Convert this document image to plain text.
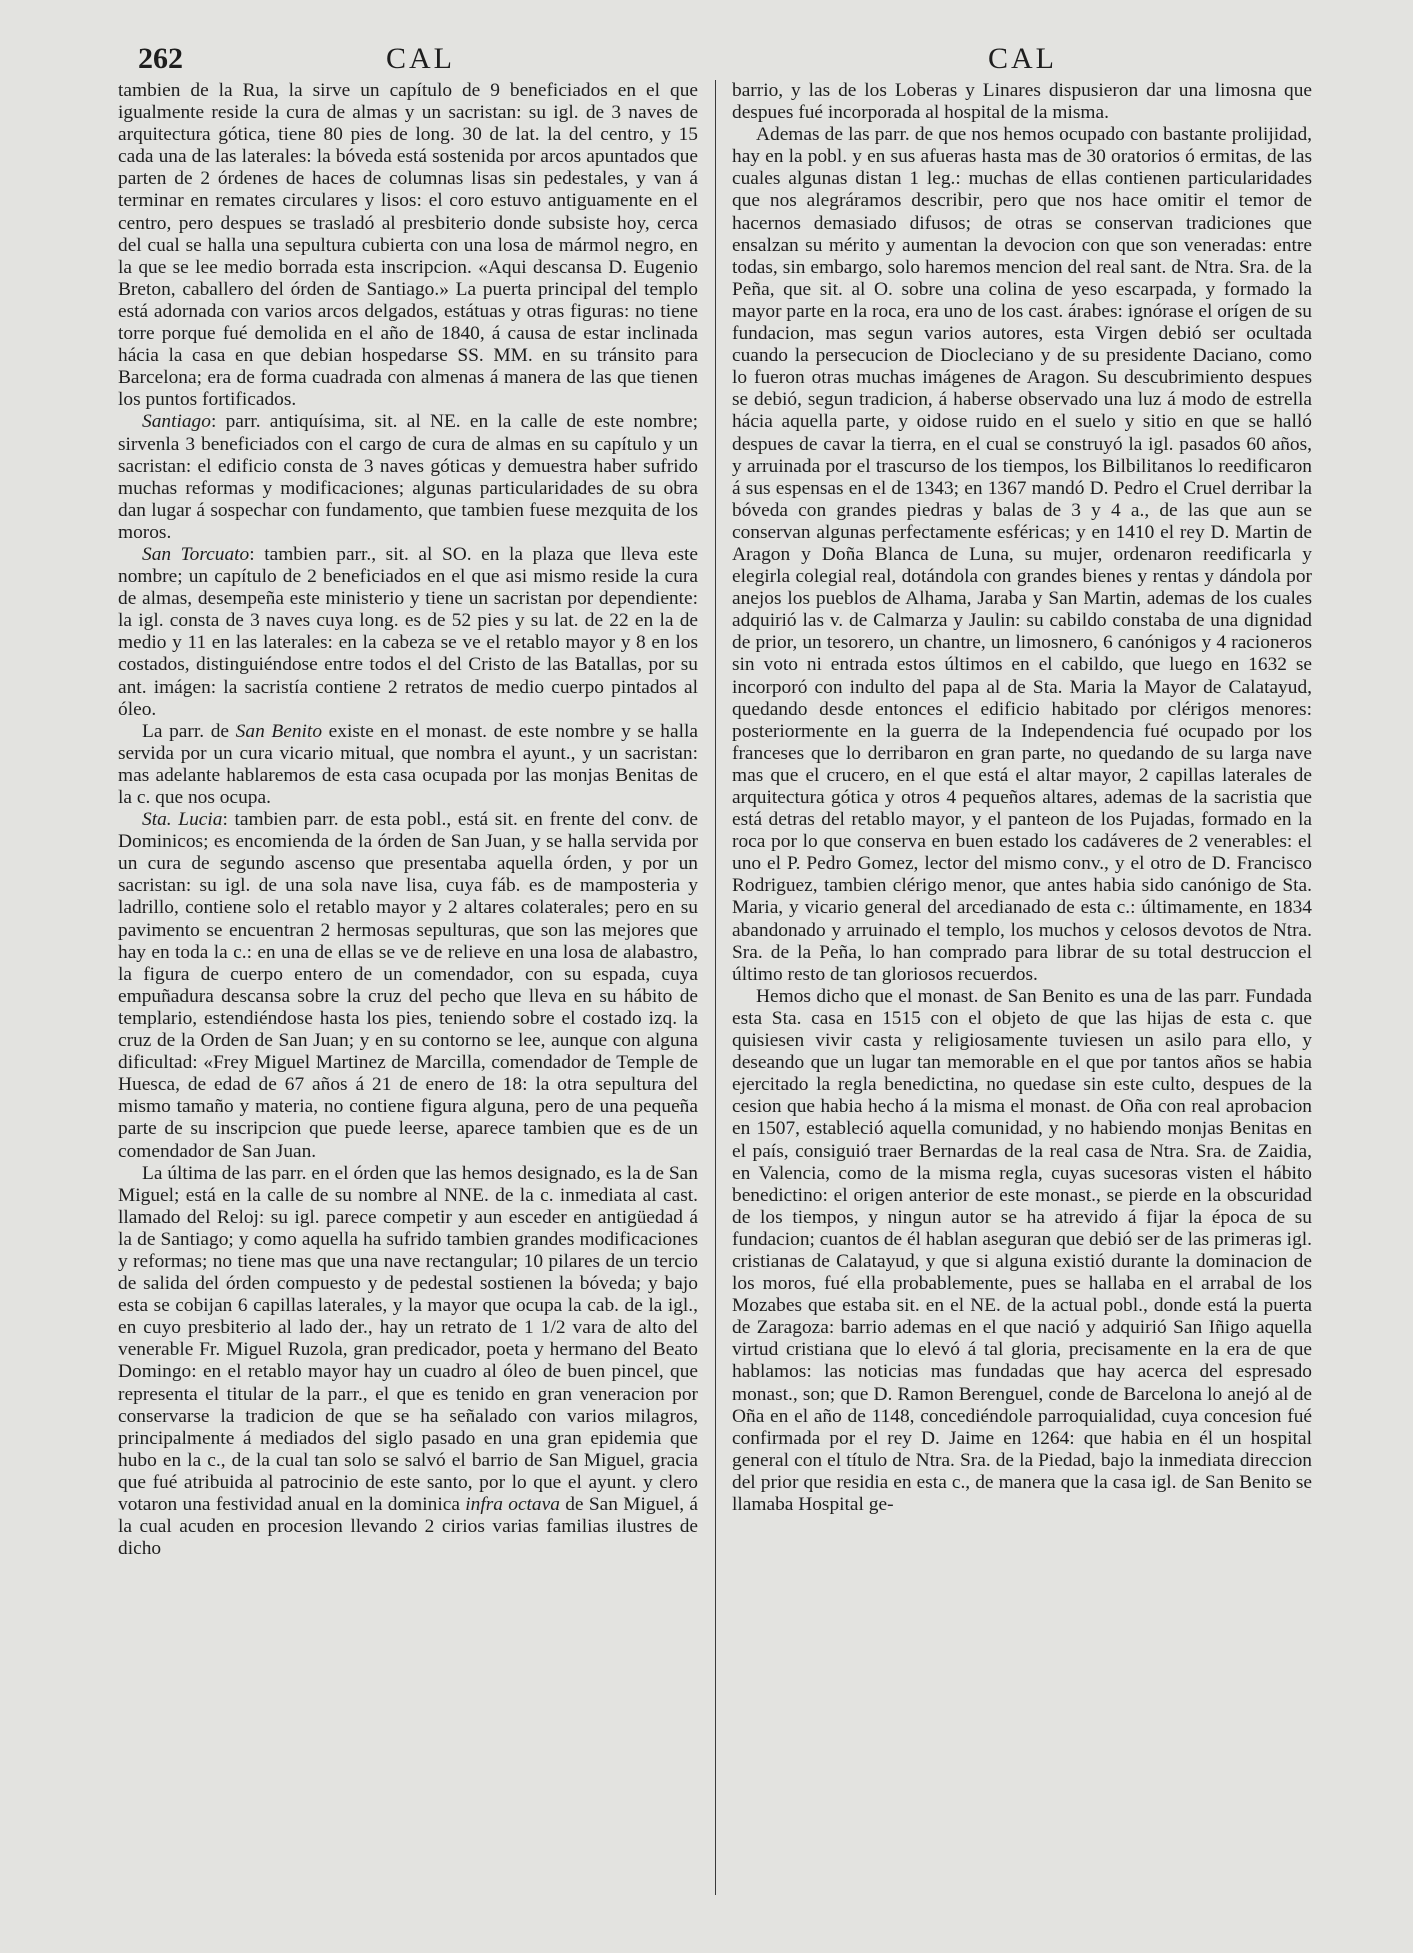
262	CAL	CAL

tambien de la Rua, la sirve un capítulo de 9 beneficiados en el que igualmente reside la cura de almas y un sacristan: su igl. de 3 naves de arquitectura gótica, tiene 80 pies de long. 30 de lat. la del centro, y 15 cada una de las laterales: la bóveda está sostenida por arcos apuntados que parten de 2 órdenes de haces de columnas lisas sin pedestales, y van á terminar en remates circulares y lisos: el coro estuvo antiguamente en el centro, pero despues se trasladó al presbiterio donde subsiste hoy, cerca del cual se halla una sepultura cubierta con una losa de mármol negro, en la que se lee medio borrada esta inscripcion. «Aqui descansa D. Eugenio Breton, caballero del órden de Santiago.» La puerta principal del templo está adornada con varios arcos delgados, estátuas y otras figuras: no tiene torre porque fué demolida en el año de 1840, á causa de estar inclinada hácia la casa en que debian hospedarse SS. MM. en su tránsito para Barcelona; era de forma cuadrada con almenas á manera de las que tienen los puntos fortificados.

Santiago: parr. antiquísima, sit. al NE. en la calle de este nombre; sirvenla 3 beneficiados con el cargo de cura de almas en su capítulo y un sacristan: el edificio consta de 3 naves góticas y demuestra haber sufrido muchas reformas y modificaciones; algunas particularidades de su obra dan lugar á sospechar con fundamento, que tambien fuese mezquita de los moros.

San Torcuato: tambien parr., sit. al SO. en la plaza que lleva este nombre; un capítulo de 2 beneficiados en el que asi mismo reside la cura de almas, desempeña este ministerio y tiene un sacristan por dependiente: la igl. consta de 3 naves cuya long. es de 52 pies y su lat. de 22 en la de medio y 11 en las laterales: en la cabeza se ve el retablo mayor y 8 en los costados, distinguiéndose entre todos el del Cristo de las Batallas, por su ant. imágen: la sacristía contiene 2 retratos de medio cuerpo pintados al óleo.

La parr. de San Benito existe en el monast. de este nombre y se halla servida por un cura vicario mitual, que nombra el ayunt., y un sacristan: mas adelante hablaremos de esta casa ocupada por las monjas Benitas de la c. que nos ocupa.

Sta. Lucia: tambien parr. de esta pobl., está sit. en frente del conv. de Dominicos; es encomienda de la órden de San Juan, y se halla servida por un cura de segundo ascenso que presentaba aquella órden, y por un sacristan: su igl. de una sola nave lisa, cuya fáb. es de mamposteria y ladrillo, contiene solo el retablo mayor y 2 altares colaterales; pero en su pavimento se encuentran 2 hermosas sepulturas, que son las mejores que hay en toda la c.: en una de ellas se ve de relieve en una losa de alabastro, la figura de cuerpo entero de un comendador, con su espada, cuya empuñadura descansa sobre la cruz del pecho que lleva en su hábito de templario, estendiéndose hasta los pies, teniendo sobre el costado izq. la cruz de la Orden de San Juan; y en su contorno se lee, aunque con alguna dificultad: «Frey Miguel Martinez de Marcilla, comendador de Temple de Huesca, de edad de 67 años á 21 de enero de 18: la otra sepultura del mismo tamaño y materia, no contiene figura alguna, pero de una pequeña parte de su inscripcion que puede leerse, aparece tambien que es de un comendador de San Juan.

La última de las parr. en el órden que las hemos designado, es la de San Miguel; está en la calle de su nombre al NNE. de la c. inmediata al cast. llamado del Reloj: su igl. parece competir y aun esceder en antigüedad á la de Santiago; y como aquella ha sufrido tambien grandes modificaciones y reformas; no tiene mas que una nave rectangular; 10 pilares de un tercio de salida del órden compuesto y de pedestal sostienen la bóveda; y bajo esta se cobijan 6 capillas laterales, y la mayor que ocupa la cab. de la igl., en cuyo presbiterio al lado der., hay un retrato de 1 1/2 vara de alto del venerable Fr. Miguel Ruzola, gran predicador, poeta y hermano del Beato Domingo: en el retablo mayor hay un cuadro al óleo de buen pincel, que representa el titular de la parr., el que es tenido en gran veneracion por conservarse la tradicion de que se ha señalado con varios milagros, principalmente á mediados del siglo pasado en una gran epidemia que hubo en la c., de la cual tan solo se salvó el barrio de San Miguel, gracia que fué atribuida al patrocinio de este santo, por lo que el ayunt. y clero votaron una festividad anual en la dominica infra octava de San Miguel, á la cual acuden en procesion llevando 2 cirios varias familias ilustres de dicho

barrio, y las de los Loberas y Linares dispusieron dar una limosna que despues fué incorporada al hospital de la misma.

Ademas de las parr. de que nos hemos ocupado con bastante prolijidad, hay en la pobl. y en sus afueras hasta mas de 30 oratorios ó ermitas, de las cuales algunas distan 1 leg.: muchas de ellas contienen particularidades que nos alegráramos describir, pero que nos hace omitir el temor de hacernos demasiado difusos; de otras se conservan tradiciones que ensalzan su mérito y aumentan la devocion con que son veneradas: entre todas, sin embargo, solo haremos mencion del real sant. de Ntra. Sra. de la Peña, que sit. al O. sobre una colina de yeso escarpada, y formado la mayor parte en la roca, era uno de los cast. árabes: ignórase el orígen de su fundacion, mas segun varios autores, esta Virgen debió ser ocultada cuando la persecucion de Diocleciano y de su presidente Daciano, como lo fueron otras muchas imágenes de Aragon. Su descubrimiento despues se debió, segun tradicion, á haberse observado una luz á modo de estrella hácia aquella parte, y oidose ruido en el suelo y sitio en que se halló despues de cavar la tierra, en el cual se construyó la igl. pasados 60 años, y arruinada por el trascurso de los tiempos, los Bilbilitanos lo reedificaron á sus espensas en el de 1343; en 1367 mandó D. Pedro el Cruel derribar la bóveda con grandes piedras y balas de 3 y 4 a., de las que aun se conservan algunas perfectamente esféricas; y en 1410 el rey D. Martin de Aragon y Doña Blanca de Luna, su mujer, ordenaron reedificarla y elegirla colegial real, dotándola con grandes bienes y rentas y dándola por anejos los pueblos de Alhama, Jaraba y San Martin, ademas de los cuales adquirió las v. de Calmarza y Jaulin: su cabildo constaba de una dignidad de prior, un tesorero, un chantre, un limosnero, 6 canónigos y 4 racioneros sin voto ni entrada estos últimos en el cabildo, que luego en 1632 se incorporó con indulto del papa al de Sta. Maria la Mayor de Calatayud, quedando desde entonces el edificio habitado por clérigos menores: posteriormente en la guerra de la Independencia fué ocupado por los franceses que lo derribaron en gran parte, no quedando de su larga nave mas que el crucero, en el que está el altar mayor, 2 capillas laterales de arquitectura gótica y otros 4 pequeños altares, ademas de la sacristia que está detras del retablo mayor, y el panteon de los Pujadas, formado en la roca por lo que conserva en buen estado los cadáveres de 2 venerables: el uno el P. Pedro Gomez, lector del mismo conv., y el otro de D. Francisco Rodriguez, tambien clérigo menor, que antes habia sido canónigo de Sta. Maria, y vicario general del arcedianado de esta c.: últimamente, en 1834 abandonado y arruinado el templo, los muchos y celosos devotos de Ntra. Sra. de la Peña, lo han comprado para librar de su total destruccion el último resto de tan gloriosos recuerdos.

Hemos dicho que el monast. de San Benito es una de las parr. Fundada esta Sta. casa en 1515 con el objeto de que las hijas de esta c. que quisiesen vivir casta y religiosamente tuviesen un asilo para ello, y deseando que un lugar tan memorable en el que por tantos años se habia ejercitado la regla benedictina, no quedase sin este culto, despues de la cesion que habia hecho á la misma el monast. de Oña con real aprobacion en 1507, estableció aquella comunidad, y no habiendo monjas Benitas en el país, consiguió traer Bernardas de la real casa de Ntra. Sra. de Zaidia, en Valencia, como de la misma regla, cuyas sucesoras visten el hábito benedictino: el origen anterior de este monast., se pierde en la obscuridad de los tiempos, y ningun autor se ha atrevido á fijar la época de su fundacion; cuantos de él hablan aseguran que debió ser de las primeras igl. cristianas de Calatayud, y que si alguna existió durante la dominacion de los moros, fué ella probablemente, pues se hallaba en el arrabal de los Mozabes que estaba sit. en el NE. de la actual pobl., donde está la puerta de Zaragoza: barrio ademas en el que nació y adquirió San Iñigo aquella virtud cristiana que lo elevó á tal gloria, precisamente en la era de que hablamos: las noticias mas fundadas que hay acerca del espresado monast., son; que D. Ramon Berenguel, conde de Barcelona lo anejó al de Oña en el año de 1148, concediéndole parroquialidad, cuya concesion fué confirmada por el rey D. Jaime en 1264: que habia en él un hospital general con el título de Ntra. Sra. de la Piedad, bajo la inmediata direccion del prior que residia en esta c., de manera que la casa igl. de San Benito se llamaba Hospital ge-
